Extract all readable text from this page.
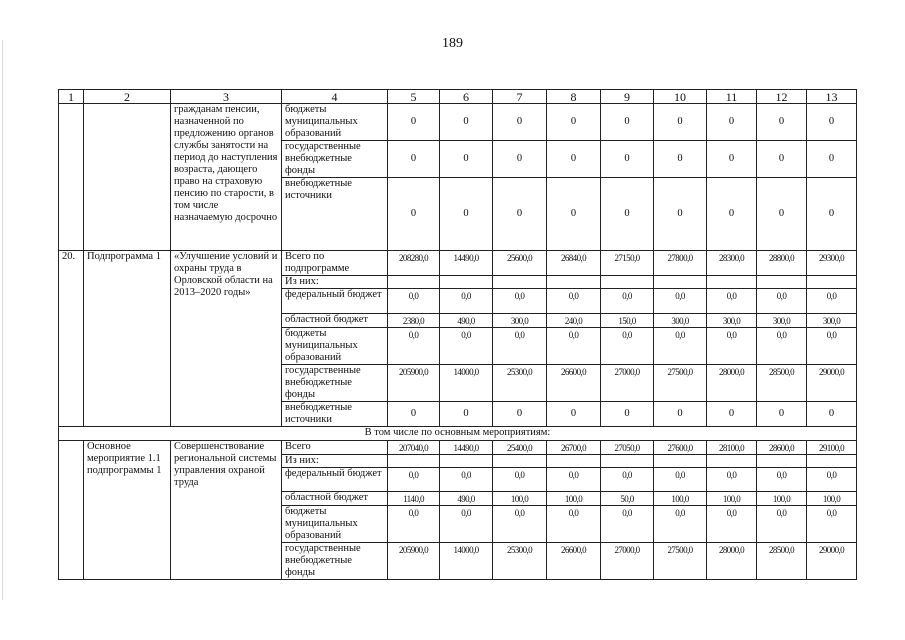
189
1	2	3	4	5	6	7	8	9	10	11	12	13
		гражданам пенсии, назначенной по предложению органов службы занятости на период до наступления возраста, дающего право на страховую пенсию по старости, в том числе назначаемую досрочно	бюджеты муниципальных образований	0	0	0	0	0	0	0	0	0
			государственные внебюджетные фонды	0	0	0	0	0	0	0	0	0
			внебюджетные источники	0	0	0	0	0	0	0	0	0
20.	Подпрограмма 1	«Улучшение условий и охраны труда в Орловской области на 2013–2020 годы»	Всего по подпрограмме	208280,0	14490,0	25600,0	26840,0	27150,0	27800,0	28300,0	28800,0	29300,0
			Из них:									
			федеральный бюджет	0,0	0,0	0,0	0,0	0,0	0,0	0,0	0,0	0,0
			областной бюджет	2380,0	490,0	300,0	240,0	150,0	300,0	300,0	300,0	300,0
			бюджеты муниципальных образований	0,0	0,0	0,0	0,0	0,0	0,0	0,0	0,0	0,0
			государственные внебюджетные фонды	205900,0	14000,0	25300,0	26600,0	27000,0	27500,0	28000,0	28500,0	29000,0
			внебюджетные источники	0	0	0	0	0	0	0	0	0
В том числе по основным мероприятиям:												
	Основное мероприятие 1.1 подпрограммы 1	Совершенствование региональной системы управления охраной труда	Всего	207040,0	14490,0	25400,0	26700,0	27050,0	27600,0	28100,0	28600,0	29100,0
			Из них:									
			федеральный бюджет	0,0	0,0	0,0	0,0	0,0	0,0	0,0	0,0	0,0
			областной бюджет	1140,0	490,0	100,0	100,0	50,0	100,0	100,0	100,0	100,0
			бюджеты муниципальных образований	0,0	0,0	0,0	0,0	0,0	0,0	0,0	0,0	0,0
			государственные внебюджетные фонды	205900,0	14000,0	25300,0	26600,0	27000,0	27500,0	28000,0	28500,0	29000,0
